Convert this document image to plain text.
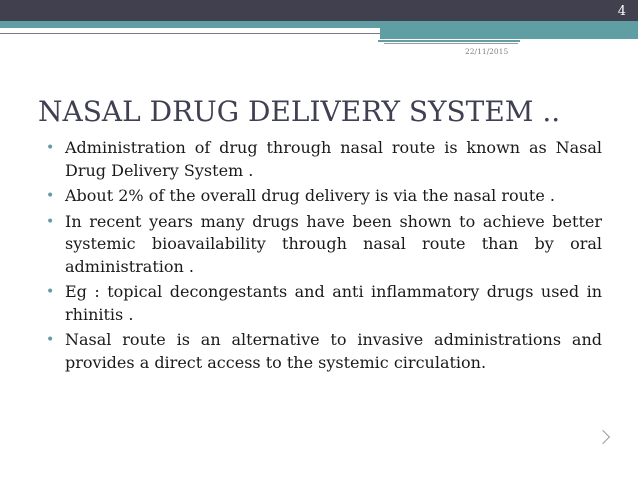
4
22/11/2015
NASAL DRUG DELIVERY SYSTEM ..
• Administration of drug through nasal route is known as Nasal Drug Delivery System .
• About 2% of the overall drug delivery is via the nasal route .
• In recent years many drugs have been shown to achieve better systemic bioavailability through nasal route than by oral administration .
• Eg : topical decongestants and anti inflammatory drugs used in rhinitis .
• Nasal route is an alternative to invasive administrations and provides a direct access to the systemic circulation.
